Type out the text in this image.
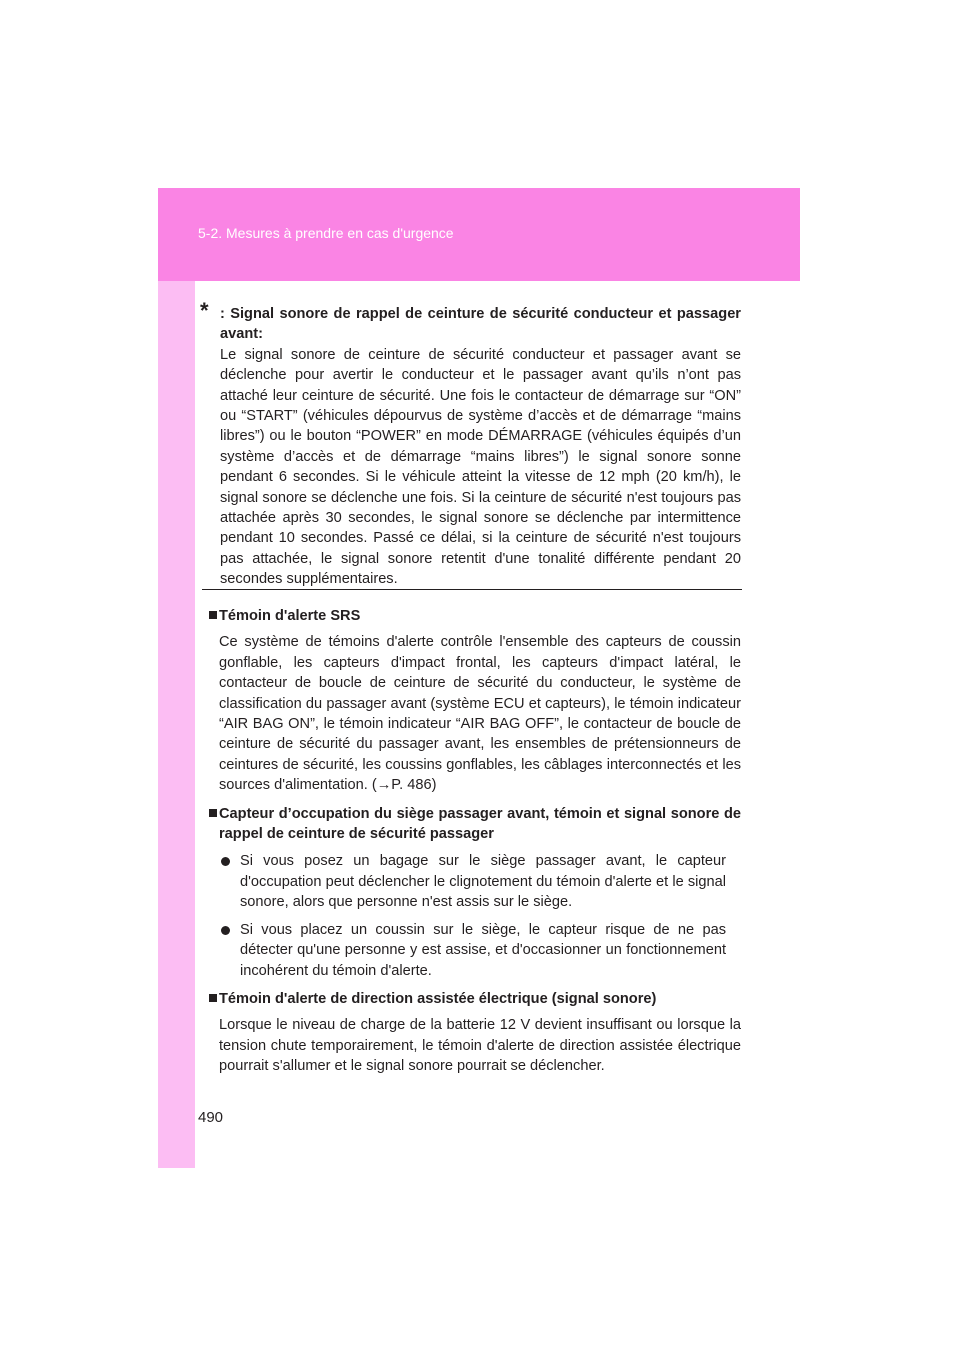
5-2. Mesures à prendre en cas d'urgence
* : Signal sonore de rappel de ceinture de sécurité conducteur et passager avant:
Le signal sonore de ceinture de sécurité conducteur et passager avant se déclenche pour avertir le conducteur et le passager avant qu’ils n’ont pas attaché leur ceinture de sécurité. Une fois le contacteur de démarrage sur “ON” ou “START” (véhicules dépourvus de système d’accès et de démarrage “mains libres”) ou le bouton “POWER” en mode DÉMARRAGE (véhicules équipés d’un système d’accès et de démarrage “mains libres”) le signal sonore sonne pendant 6 secondes. Si le véhicule atteint la vitesse de 12 mph (20 km/h), le signal sonore se déclenche une fois. Si la ceinture de sécurité n'est toujours pas attachée après 30 secondes, le signal sonore se déclenche par intermittence pendant 10 secondes. Passé ce délai, si la ceinture de sécurité n'est toujours pas attachée, le signal sonore retentit d'une tonalité différente pendant 20 secondes supplémentaires.
Témoin d'alerte SRS
Ce système de témoins d'alerte contrôle l'ensemble des capteurs de coussin gonflable, les capteurs d'impact frontal, les capteurs d'impact latéral, le contacteur de boucle de ceinture de sécurité du conducteur, le système de classification du passager avant (système ECU et capteurs), le témoin indicateur “AIR BAG ON”, le témoin indicateur “AIR BAG OFF”, le contacteur de boucle de ceinture de sécurité du passager avant, les ensembles de prétensionneurs de ceintures de sécurité, les coussins gonflables, les câblages interconnectés et les sources d'alimentation. (→P. 486)
Capteur d’occupation du siège passager avant, témoin et signal sonore de rappel de ceinture de sécurité passager
Si vous posez un bagage sur le siège passager avant, le capteur d'occupation peut déclencher le clignotement du témoin d'alerte et le signal sonore, alors que personne n'est assis sur le siège.
Si vous placez un coussin sur le siège, le capteur risque de ne pas détecter qu'une personne y est assise, et d'occasionner un fonctionnement incohérent du témoin d'alerte.
Témoin d'alerte de direction assistée électrique (signal sonore)
Lorsque le niveau de charge de la batterie 12 V devient insuffisant ou lorsque la tension chute temporairement, le témoin d'alerte de direction assistée électrique pourrait s'allumer et le signal sonore pourrait se déclencher.
490
